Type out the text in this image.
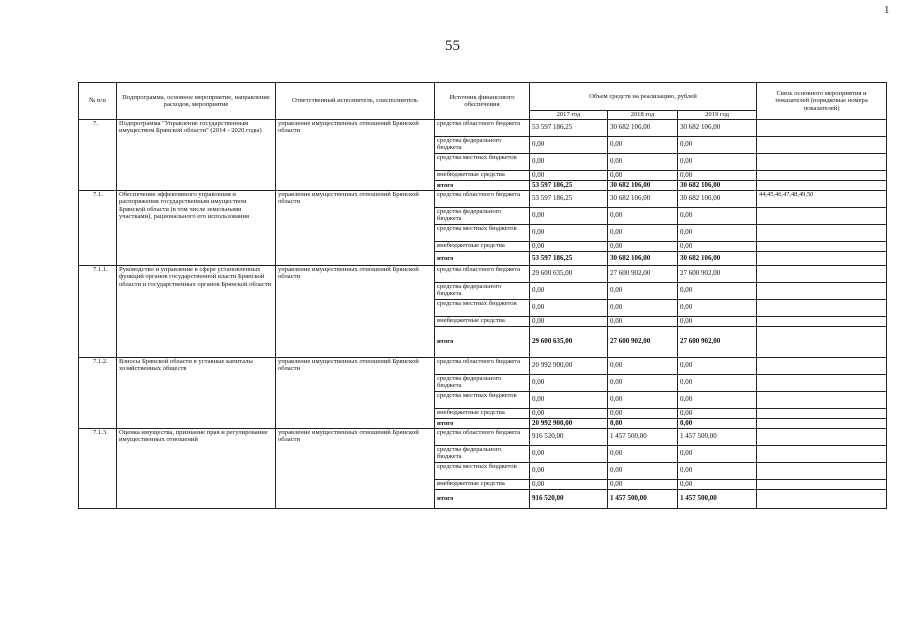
55
1
№ п/п	Подпрограмма, основное мероприятие, направление расходов, мероприятие	Ответственный исполнитель, соисполнитель	Источник финансового обеспечения	Объем средств на реализацию, рублей			Связь основного мероприятия и показателей (порядковые номера показателей)
				2017 год	2018 год	2019 год	
7.	Подпрограмма "Управление государственным имуществом Брянской области" (2014 - 2020 годы)	управление имущественных отношений Брянской области	средства областного бюджета	53 597 186,25	30 682 106,00	30 682 106,00	
			средства федерального бюджета	0,00	0,00	0,00	
			средства местных бюджетов	0,00	0,00	0,00	
			внебюджетные средства	0,00	0,00	0,00	
			итого	53 597 186,25	30 682 106,00	30 682 106,00	
7.1.	Обеспечение эффективного управления и распоряжения государственным имуществом Брянской области (в том числе земельными участками), рационального его использования	управление имущественных отношений Брянской области	средства областного бюджета	53 597 186,25	30 682 106,00	30 682 106,00	44,45,46,47,48,49,50
			средства федерального бюджета	0,00	0,00	0,00	
			средства местных бюджетов	0,00	0,00	0,00	
			внебюджетные средства	0,00	0,00	0,00	
			итого	53 597 186,25	30 682 106,00	30 682 106,00	
7.1.1.	Руководство и управление в сфере установленных функций органов государственной власти Брянской области и государственных органов Брянской области	управление имущественных отношений Брянской области	средства областного бюджета	29 600 635,00	27 600 902,00	27 600 902,00	
			средства федерального бюджета	0,00	0,00	0,00	
			средства местных бюджетов	0,00	0,00	0,00	
			внебюджетные средства	0,00	0,00	0,00	
			итого	29 600 635,00	27 600 902,00	27 600 902,00	
7.1.2.	Взносы Брянской области в уставные капиталы хозяйственных обществ	управление имущественных отношений Брянской области	средства областного бюджета	20 992 900,00	0,00	0,00	
			средства федерального бюджета	0,00	0,00	0,00	
			средства местных бюджетов	0,00	0,00	0,00	
			внебюджетные средства	0,00	0,00	0,00	
			итого	20 992 900,00	0,00	0,00	
7.1.3.	Оценка имущества, признание прав и регулирование имущественных отношений	управление имущественных отношений Брянской области	средства областного бюджета	916 520,00	1 457 500,00	1 457 500,00	
			средства федерального бюджета	0,00	0,00	0,00	
			средства местных бюджетов	0,00	0,00	0,00	
			внебюджетные средства	0,00	0,00	0,00	
			итого	916 520,00	1 457 500,00	1 457 500,00	
